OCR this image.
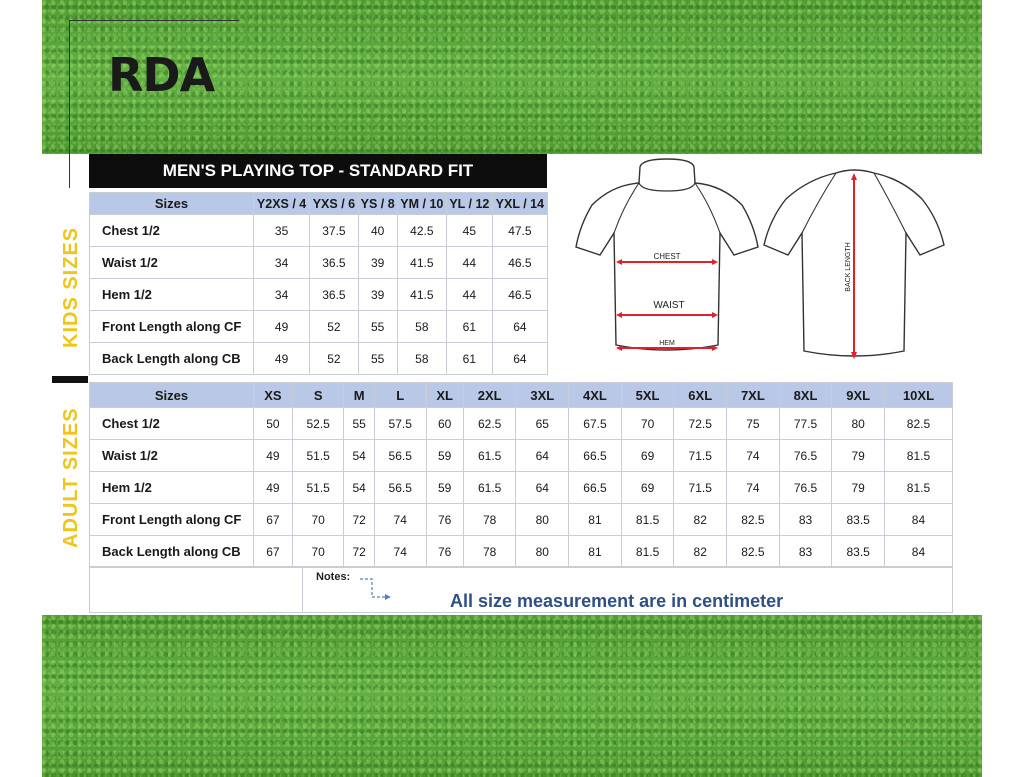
RDA
MEN'S PLAYING TOP - STANDARD FIT
KIDS SIZES
ADULT SIZES
Sizes	Y2XS / 4	YXS / 6	YS / 8	YM / 10	YL / 12	YXL / 14
Chest 1/2	35	37.5	40	42.5	45	47.5
Waist 1/2	34	36.5	39	41.5	44	46.5
Hem 1/2	34	36.5	39	41.5	44	46.5
Front Length along CF	49	52	55	58	61	64
Back Length along CB	49	52	55	58	61	64
CHEST
WAIST
HEM
BACK LENGTH
Sizes	XS	S	M	L	XL	2XL	3XL	4XL	5XL	6XL	7XL	8XL	9XL	10XL
Chest 1/2	50	52.5	55	57.5	60	62.5	65	67.5	70	72.5	75	77.5	80	82.5
Waist 1/2	49	51.5	54	56.5	59	61.5	64	66.5	69	71.5	74	76.5	79	81.5
Hem 1/2	49	51.5	54	56.5	59	61.5	64	66.5	69	71.5	74	76.5	79	81.5
Front Length along CF	67	70	72	74	76	78	80	81	81.5	82	82.5	83	83.5	84
Back Length along CB	67	70	72	74	76	78	80	81	81.5	82	82.5	83	83.5	84
Notes:
All size measurement are in centimeter
